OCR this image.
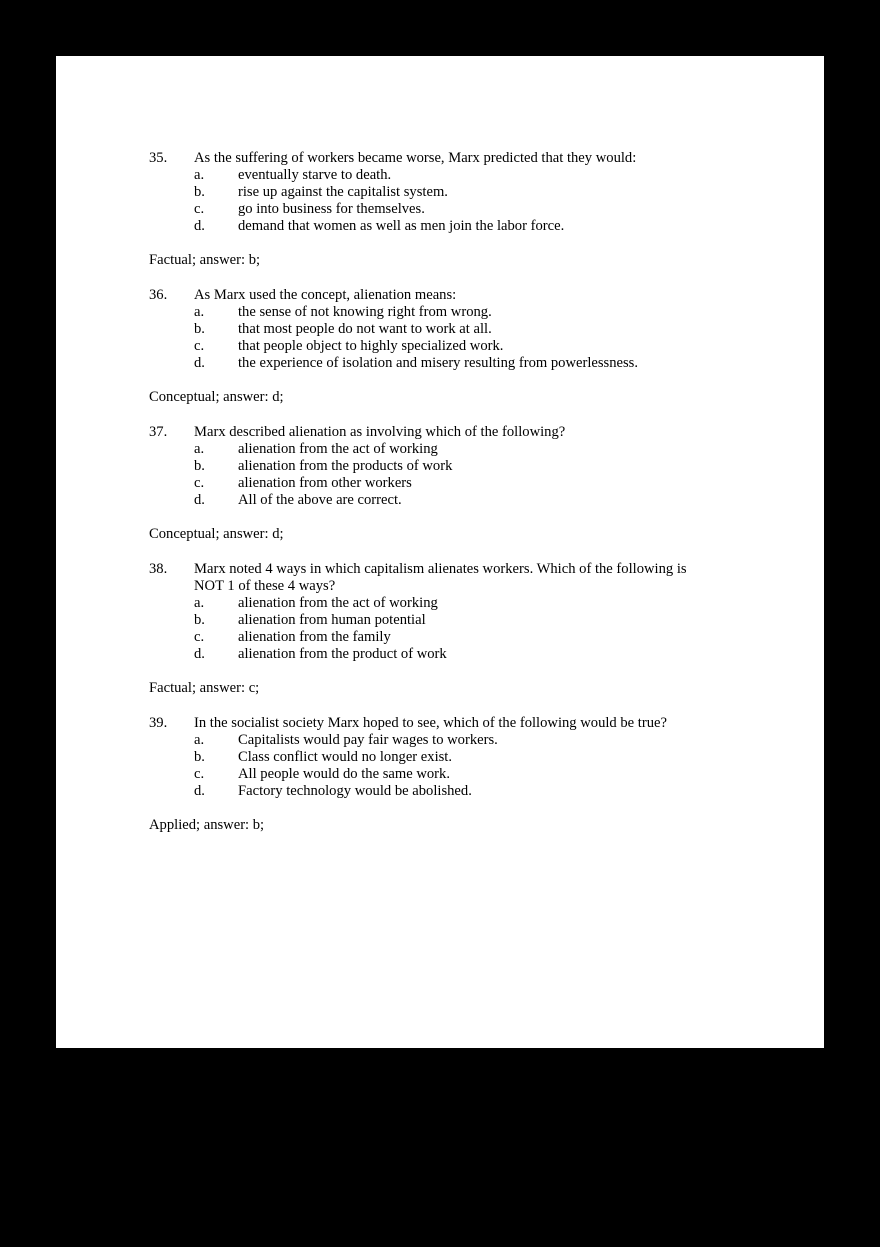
35.	As the suffering of workers became worse, Marx predicted that they would:
a.	eventually starve to death.
b.	rise up against the capitalist system.
c.	go into business for themselves.
d.	demand that women as well as men join the labor force.
Factual; answer: b;
36.	As Marx used the concept, alienation means:
a.	the sense of not knowing right from wrong.
b.	that most people do not want to work at all.
c.	that people object to highly specialized work.
d.	the experience of isolation and misery resulting from powerlessness.
Conceptual; answer: d;
37.	Marx described alienation as involving which of the following?
a.	alienation from the act of working
b.	alienation from the products of work
c.	alienation from other workers
d.	All of the above are correct.
Conceptual; answer: d;
38.	Marx noted 4 ways in which capitalism alienates workers. Which of the following is NOT 1 of these 4 ways?
a.	alienation from the act of working
b.	alienation from human potential
c.	alienation from the family
d.	alienation from the product of work
Factual; answer: c;
39.	In the socialist society Marx hoped to see, which of the following would be true?
a.	Capitalists would pay fair wages to workers.
b.	Class conflict would no longer exist.
c.	All people would do the same work.
d.	Factory technology would be abolished.
Applied; answer: b;
